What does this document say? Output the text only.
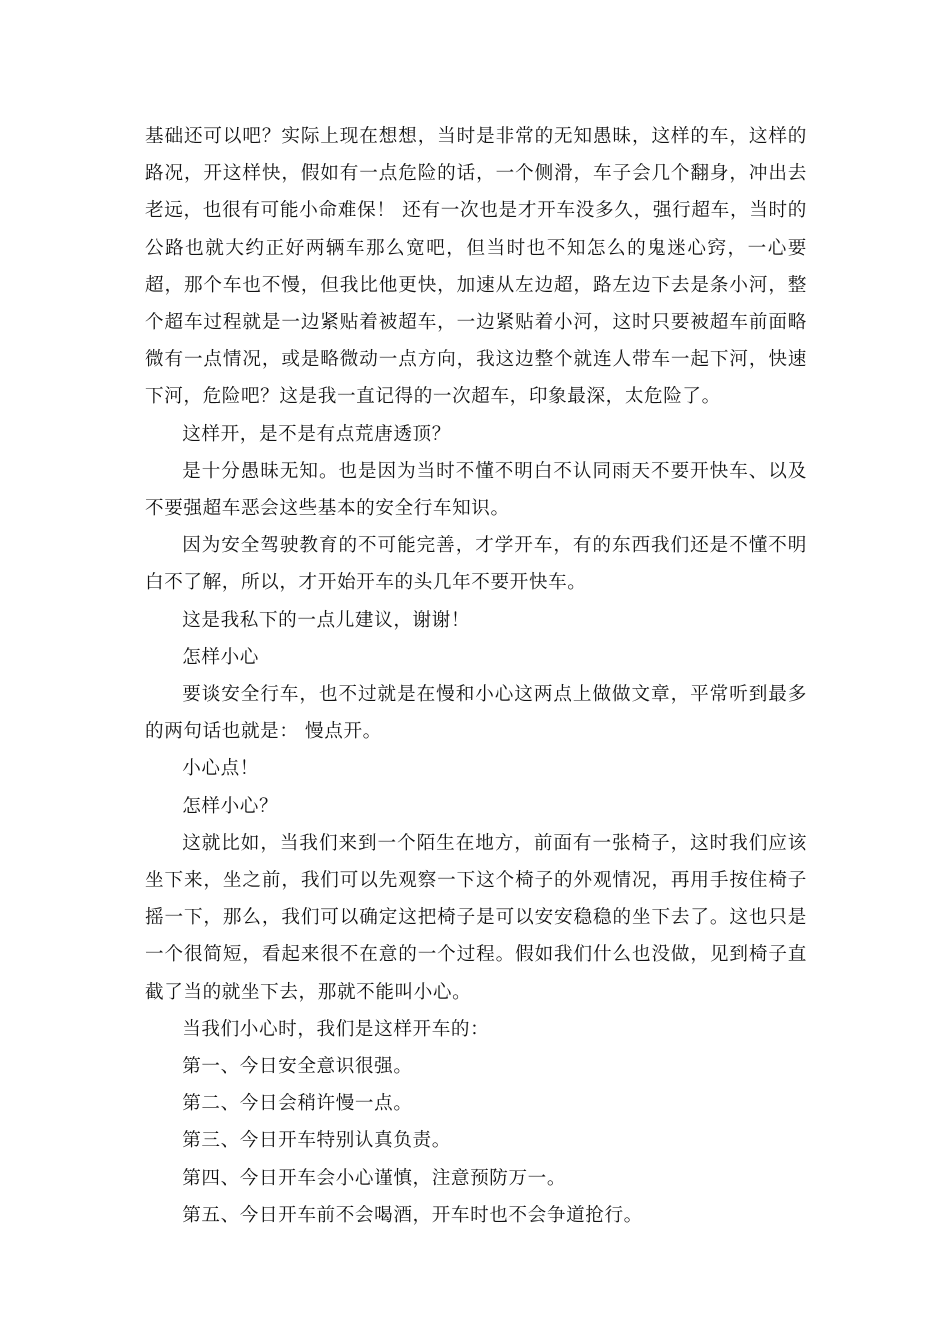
基础还可以吧？实际上现在想想，当时是非常的无知愚昧，这样的车，这样的路况，开这样快，假如有一点危险的话，一个侧滑，车子会几个翻身，冲出去老远，也很有可能小命难保！ 还有一次也是才开车没多久，强行超车，当时的公路也就大约正好两辆车那么宽吧，但当时也不知怎么的鬼迷心窍，一心要超，那个车也不慢，但我比他更快，加速从左边超，路左边下去是条小河，整个超车过程就是一边紧贴着被超车，一边紧贴着小河，这时只要被超车前面略微有一点情况，或是略微动一点方向，我这边整个就连人带车一起下河，快速下河，危险吧？这是我一直记得的一次超车，印象最深，太危险了。

这样开，是不是有点荒唐透顶？

是十分愚昧无知。也是因为当时不懂不明白不认同雨天不要开快车、以及不要强超车恶会这些基本的安全行车知识。

因为安全驾驶教育的不可能完善，才学开车，有的东西我们还是不懂不明白不了解，所以，才开始开车的头几年不要开快车。

这是我私下的一点儿建议，谢谢！

怎样小心

要谈安全行车，也不过就是在慢和小心这两点上做做文章，平常听到最多的两句话也就是： 慢点开。

小心点！

怎样小心？

这就比如，当我们来到一个陌生在地方，前面有一张椅子，这时我们应该坐下来，坐之前，我们可以先观察一下这个椅子的外观情况，再用手按住椅子摇一下，那么，我们可以确定这把椅子是可以安安稳稳的坐下去了。这也只是一个很简短，看起来很不在意的一个过程。假如我们什么也没做，见到椅子直截了当的就坐下去，那就不能叫小心。

当我们小心时，我们是这样开车的：

第一、今日安全意识很强。

第二、今日会稍许慢一点。

第三、今日开车特别认真负责。

第四、今日开车会小心谨慎，注意预防万一。

第五、今日开车前不会喝酒，开车时也不会争道抢行。
